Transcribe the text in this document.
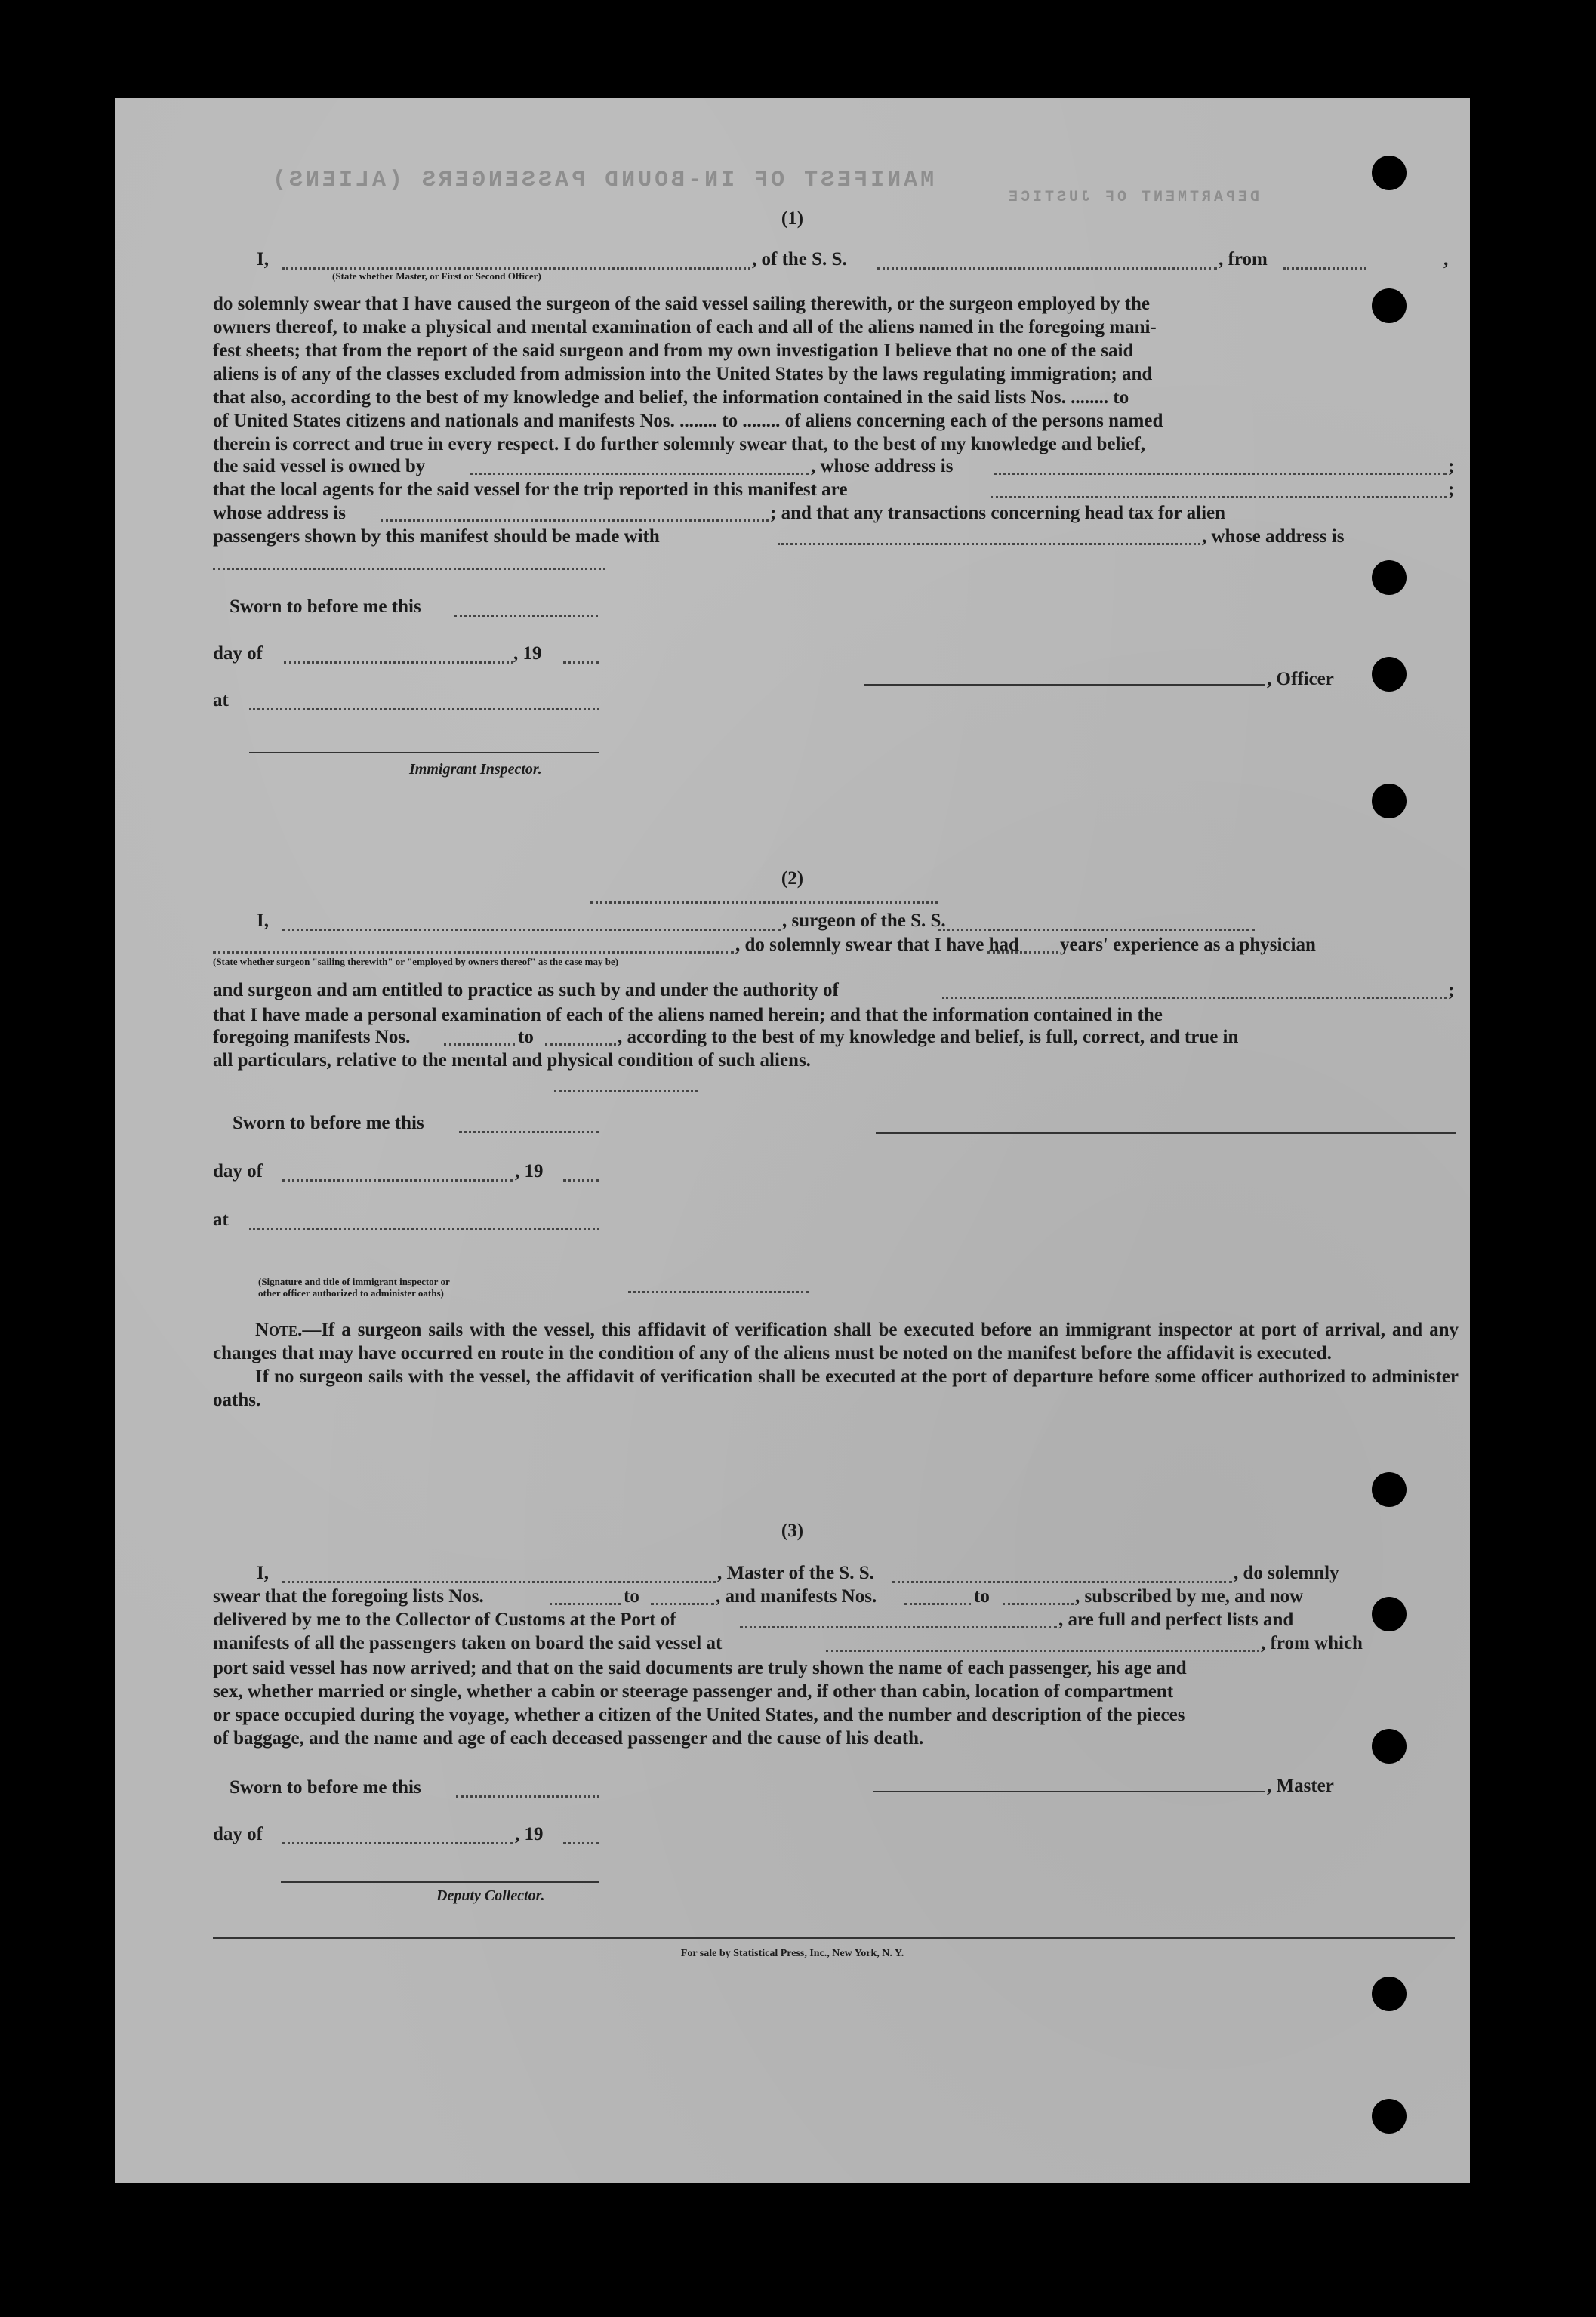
MANIFEST OF IN-BOUND PASSENGERS (ALIENS)
DEPARTMENT OF JUSTICE
(1)
I,	, of the S. S.	, from	,
(State whether Master, or First or Second Officer)

do solemnly swear that I have caused the surgeon of the said vessel sailing therewith, or the surgeon employed by the

owners thereof, to make a physical and mental examination of each and all of the aliens named in the foregoing mani-

fest sheets; that from the report of the said surgeon and from my own investigation I believe that no one of the said

aliens is of any of the classes excluded from admission into the United States by the laws regulating immigration; and

that also, according to the best of my knowledge and belief, the information contained in the said lists Nos. ........ to

of United States citizens and nationals and manifests Nos. ........ to ........ of aliens concerning each of the persons named

therein is correct and true in every respect. I do further solemnly swear that, to the best of my knowledge and belief,

the said vessel is owned by	, whose address is	;
that the local agents for the said vessel for the trip reported in this manifest are	;
whose address is	; and that any transactions concerning head tax for alien
passengers shown by this manifest should be made with	, whose address is
Sworn to before me this
day of	, 19
at
Immigrant Inspector.
, Officer
(2)
I,	, surgeon of the S. S.
, do solemnly swear that I have had years' experience as a physician
(State whether surgeon "sailing therewith" or "employed by owners thereof" as the case may be)
and surgeon and am entitled to practice as such by and under the authority of	;

that I have made a personal examination of each of the aliens named herein; and that the information contained in the

foregoing manifests Nos.	to	, according to the best of my knowledge and belief, is full, correct, and true in
all particulars, relative to the mental and physical condition of such aliens.
Sworn to before me this
day of	, 19
at
(Signature and title of immigrant inspector or
other officer authorized to administer oaths)

Note.—If a surgeon sails with the vessel, this affidavit of verification shall be executed before an immigrant inspector at port of arrival, and any changes that may have occurred en route in the condition of any of the aliens must be noted on the manifest before the affidavit is executed.

If no surgeon sails with the vessel, the affidavit of verification shall be executed at the port of departure before some officer authorized to administer oaths.

(3)
I,	, Master of the S. S.	, do solemnly
swear that the foregoing lists Nos.	to	, and manifests Nos.	to	, subscribed by me, and now
delivered by me to the Collector of Customs at the Port of	, are full and perfect lists and
manifests of all the passengers taken on board the said vessel at	, from which

port said vessel has now arrived; and that on the said documents are truly shown the name of each passenger, his age and

sex, whether married or single, whether a cabin or steerage passenger and, if other than cabin, location of compartment

or space occupied during the voyage, whether a citizen of the United States, and the number and description of the pieces

of baggage, and the name and age of each deceased passenger and the cause of his death.

Sworn to before me this	, Master
day of	, 19
Deputy Collector.
For sale by Statistical Press, Inc., New York, N. Y.
